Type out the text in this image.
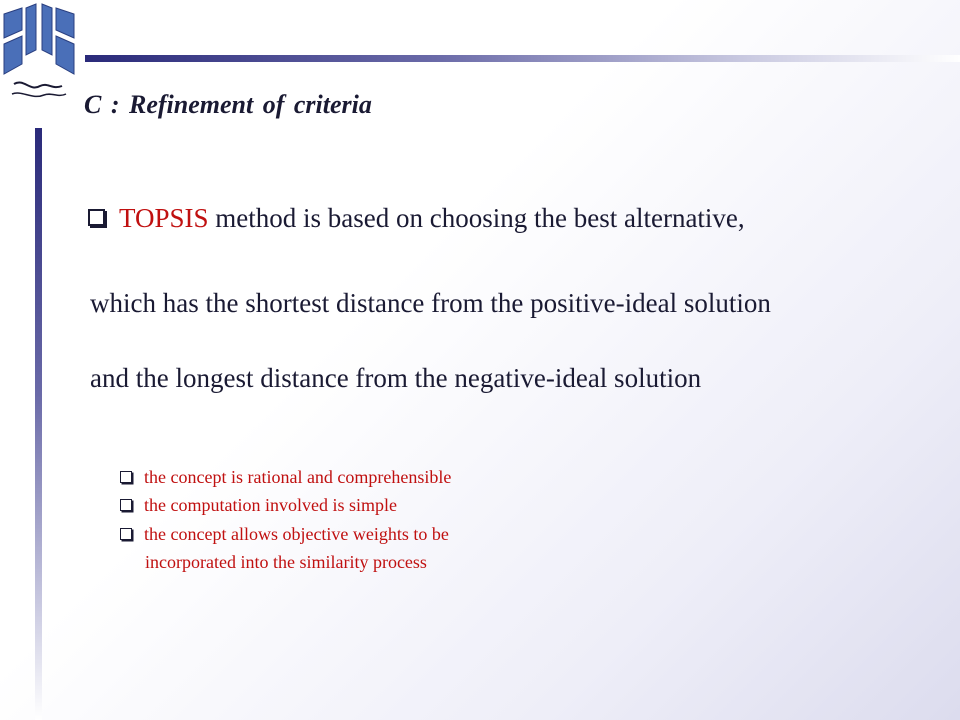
C : Refinement of criteria
TOPSIS method is based on choosing the best alternative,
which has the shortest distance from the positive-ideal solution
and the longest distance from the negative-ideal solution
the concept is rational and comprehensible
the computation involved is simple
the concept allows objective weights to be
incorporated into the similarity process
